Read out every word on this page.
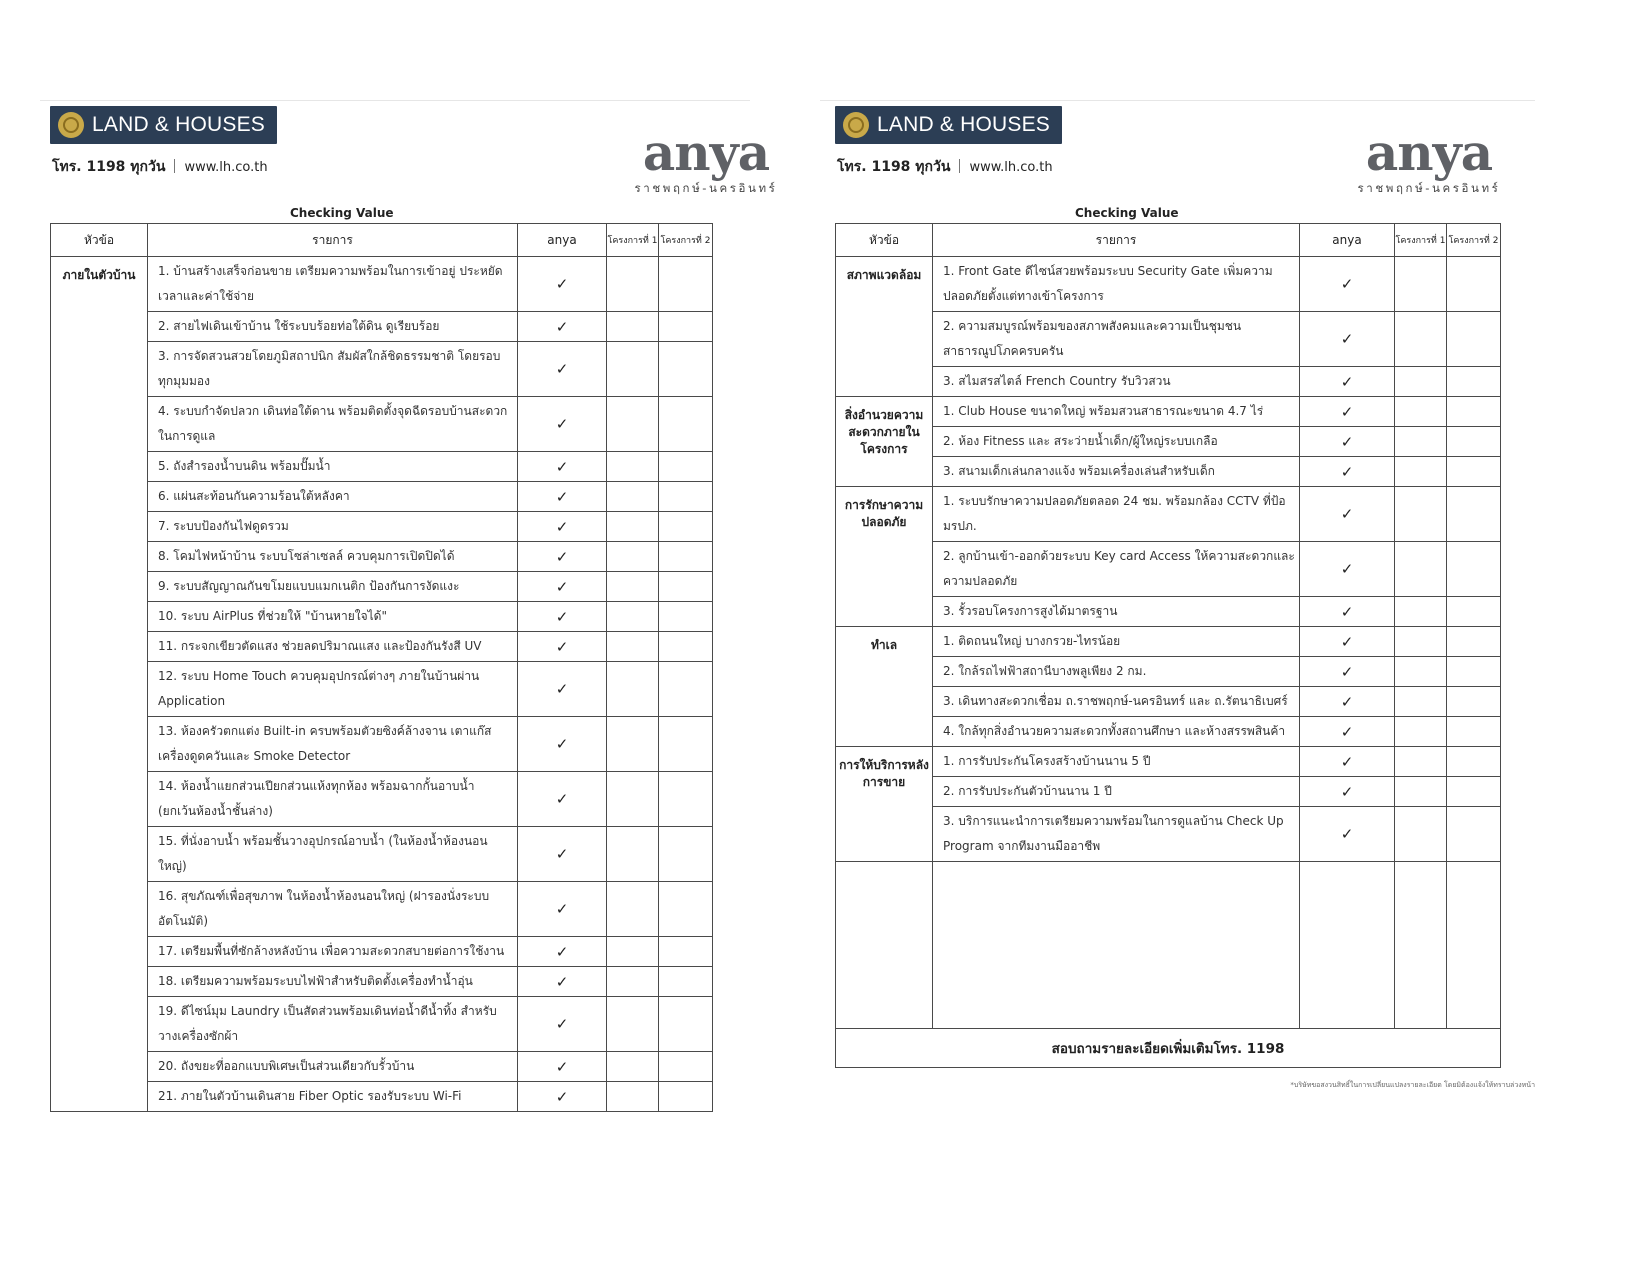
LAND & HOUSES
โทร. 1198 ทุกวัน www.lh.co.th	anya
ราชพฤกษ์-นครอินทร์
Checking Value
หัวข้อ	รายการ	anya	โครงการที่ 1	โครงการที่ 2
ภายในตัวบ้าน	1. บ้านสร้างเสร็จก่อนขาย เตรียมความพร้อมในการเข้าอยู่ ประหยัดเวลาและค่าใช้จ่าย	✓		
	2. สายไฟเดินเข้าบ้าน ใช้ระบบร้อยท่อใต้ดิน ดูเรียบร้อย	✓		
	3. การจัดสวนสวยโดยภูมิสถาปนิก สัมผัสใกล้ชิดธรรมชาติ โดยรอบทุกมุมมอง	✓		
	4. ระบบกำจัดปลวก เดินท่อใต้ดาน พร้อมติดตั้งจุดฉีดรอบบ้านสะดวกในการดูแล	✓		
	5. ถังสำรองน้ำบนดิน พร้อมปั๊มน้ำ	✓		
	6. แผ่นสะท้อนกันความร้อนใต้หลังคา	✓		
	7. ระบบป้องกันไฟดูดรวม	✓		
	8. โคมไฟหน้าบ้าน ระบบโซล่าเซลล์ ควบคุมการเปิดปิดได้	✓		
	9. ระบบสัญญาณกันขโมยแบบแมกเนติก ป้องกันการงัดแงะ	✓		
	10. ระบบ AirPlus ที่ช่วยให้ "บ้านหายใจได้"	✓		
	11. กระจกเขียวตัดแสง ช่วยลดปริมาณแสง และป้องกันรังสี UV	✓		
	12. ระบบ Home Touch ควบคุมอุปกรณ์ต่างๆ ภายในบ้านผ่าน Application	✓		
	13. ห้องครัวตกแต่ง Built-in ครบพร้อมตัวยซิงค์ล้างจาน เตาแก๊ส เครื่องดูดควันและ Smoke Detector	✓		
	14. ห้องน้ำแยกส่วนเปียกส่วนแห้งทุกห้อง พร้อมฉากกั้นอาบน้ำ (ยกเว้นห้องน้ำชั้นล่าง)	✓		
	15. ที่นั่งอาบน้ำ พร้อมชั้นวางอุปกรณ์อาบน้ำ (ในห้องน้ำห้องนอนใหญ่)	✓		
	16. สุขภัณฑ์เพื่อสุขภาพ ในห้องน้ำห้องนอนใหญ่ (ฝารองนั่งระบบอัตโนมัติ)	✓		
	17. เตรียมพื้นที่ซักล้างหลังบ้าน เพื่อความสะดวกสบายต่อการใช้งาน	✓		
	18. เตรียมความพร้อมระบบไฟฟ้าสำหรับติดตั้งเครื่องทำน้ำอุ่น	✓		
	19. ดีไซน์มุม Laundry เป็นสัดส่วนพร้อมเดินท่อน้ำดีน้ำทิ้ง สำหรับวางเครื่องซักผ้า	✓		
	20. ถังขยะที่ออกแบบพิเศษเป็นส่วนเดียวกับรั้วบ้าน	✓		
	21. ภายในตัวบ้านเดินสาย Fiber Optic รองรับระบบ Wi-Fi	✓		
LAND & HOUSES
โทร. 1198 ทุกวัน www.lh.co.th	anya
ราชพฤกษ์-นครอินทร์
Checking Value
หัวข้อ	รายการ	anya	โครงการที่ 1	โครงการที่ 2
สภาพแวดล้อม	1. Front Gate ดีไซน์สวยพร้อมระบบ Security Gate เพิ่มความปลอดภัยตั้งแต่ทางเข้าโครงการ	✓		
	2. ความสมบูรณ์พร้อมของสภาพสังคมและความเป็นชุมชนสาธารณูปโภคครบครัน	✓		
	3. สไมสรสไตล์ French Country รับวิวสวน	✓		
สิ่งอำนวยความสะดวกภายในโครงการ	1. Club House ขนาดใหญ่ พร้อมสวนสาธารณะขนาด 4.7 ไร่	✓		
	2. ห้อง Fitness และ สระว่ายน้ำเด็ก/ผู้ใหญ่ระบบเกลือ	✓		
	3. สนามเด็กเล่นกลางแจ้ง พร้อมเครื่องเล่นสำหรับเด็ก	✓		
การรักษาความปลอดภัย	1. ระบบรักษาความปลอดภัยตลอด 24 ชม. พร้อมกล้อง CCTV ที่ป้อมรปภ.	✓		
	2. ลูกบ้านเข้า-ออกด้วยระบบ Key card Access ให้ความสะดวกและความปลอดภัย	✓		
	3. รั้วรอบโครงการสูงได้มาตรฐาน	✓		
ทำเล	1. ติดถนนใหญ่ บางกรวย-ไทรน้อย	✓		
	2. ใกล้รถไฟฟ้าสถานีบางพลูเพียง 2 กม.	✓		
	3. เดินทางสะดวกเชื่อม ถ.ราชพฤกษ์-นครอินทร์ และ ถ.รัตนาธิเบศร์	✓		
	4. ใกล้ทุกสิ่งอำนวยความสะดวกทั้งสถานศึกษา และห้างสรรพสินค้า	✓		
การให้บริการหลังการขาย	1. การรับประกันโครงสร้างบ้านนาน 5 ปี	✓		
	2. การรับประกันตัวบ้านนาน 1 ปี	✓		
	3. บริการแนะนำการเตรียมความพร้อมในการดูแลบ้าน Check Up Program จากทีมงานมืออาชีพ	✓		

สอบถามรายละเอียดเพิ่มเติมโทร. 1198				
*บริษัทขอสงวนสิทธิ์ในการเปลี่ยนแปลงรายละเอียด โดยมิต้องแจ้งให้ทราบล่วงหน้า
